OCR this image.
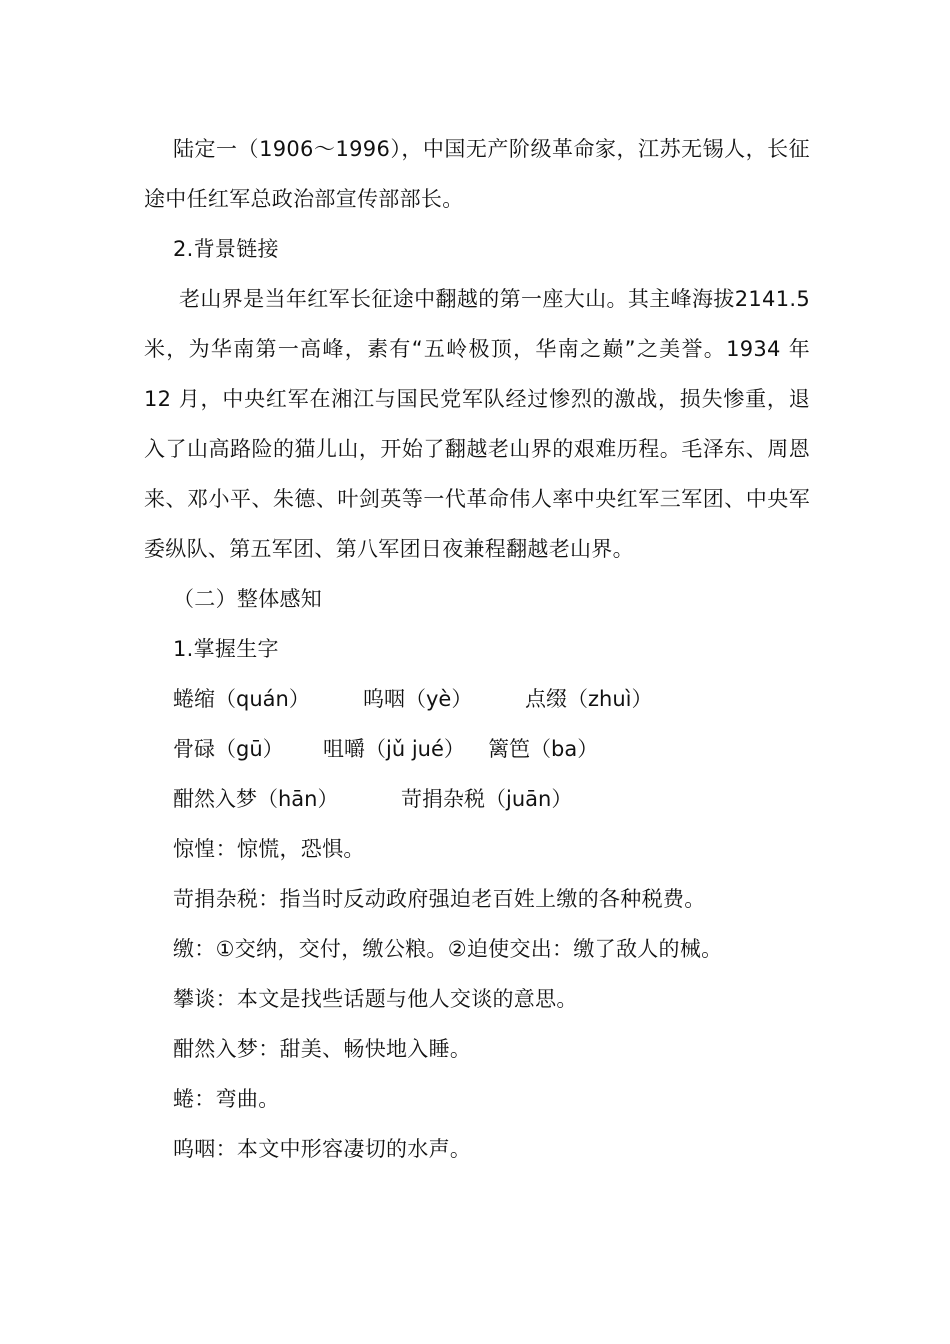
陆定一（1906～1996），中国无产阶级革命家，江苏无锡人，长征途中任红军总政治部宣传部部长。

2.背景链接

老山界是当年红军长征途中翻越的第一座大山。其主峰海拔2141.5 米，为华南第一高峰，素有“五岭极顶，华南之巅”之美誉。1934 年 12 月，中央红军在湘江与国民党军队经过惨烈的激战，损失惨重，退入了山高路险的猫儿山，开始了翻越老山界的艰难历程。毛泽东、周恩来、邓小平、朱德、叶剑英等一代革命伟人率中央红军三军团、中央军委纵队、第五军团、第八军团日夜兼程翻越老山界。

（二）整体感知

1.掌握生字

蜷缩（quán）	呜咽（yè）	点缀（zhuì）
骨碌（gū）	咀嚼（jǔ jué）	篱笆（ba）
酣然入梦（hān）	苛捐杂税（juān）

惊惶：惊慌，恐惧。

苛捐杂税：指当时反动政府强迫老百姓上缴的各种税费。

缴：①交纳，交付，缴公粮。②迫使交出：缴了敌人的械。

攀谈：本文是找些话题与他人交谈的意思。

酣然入梦：甜美、畅快地入睡。

蜷：弯曲。

呜咽：本文中形容凄切的水声。
